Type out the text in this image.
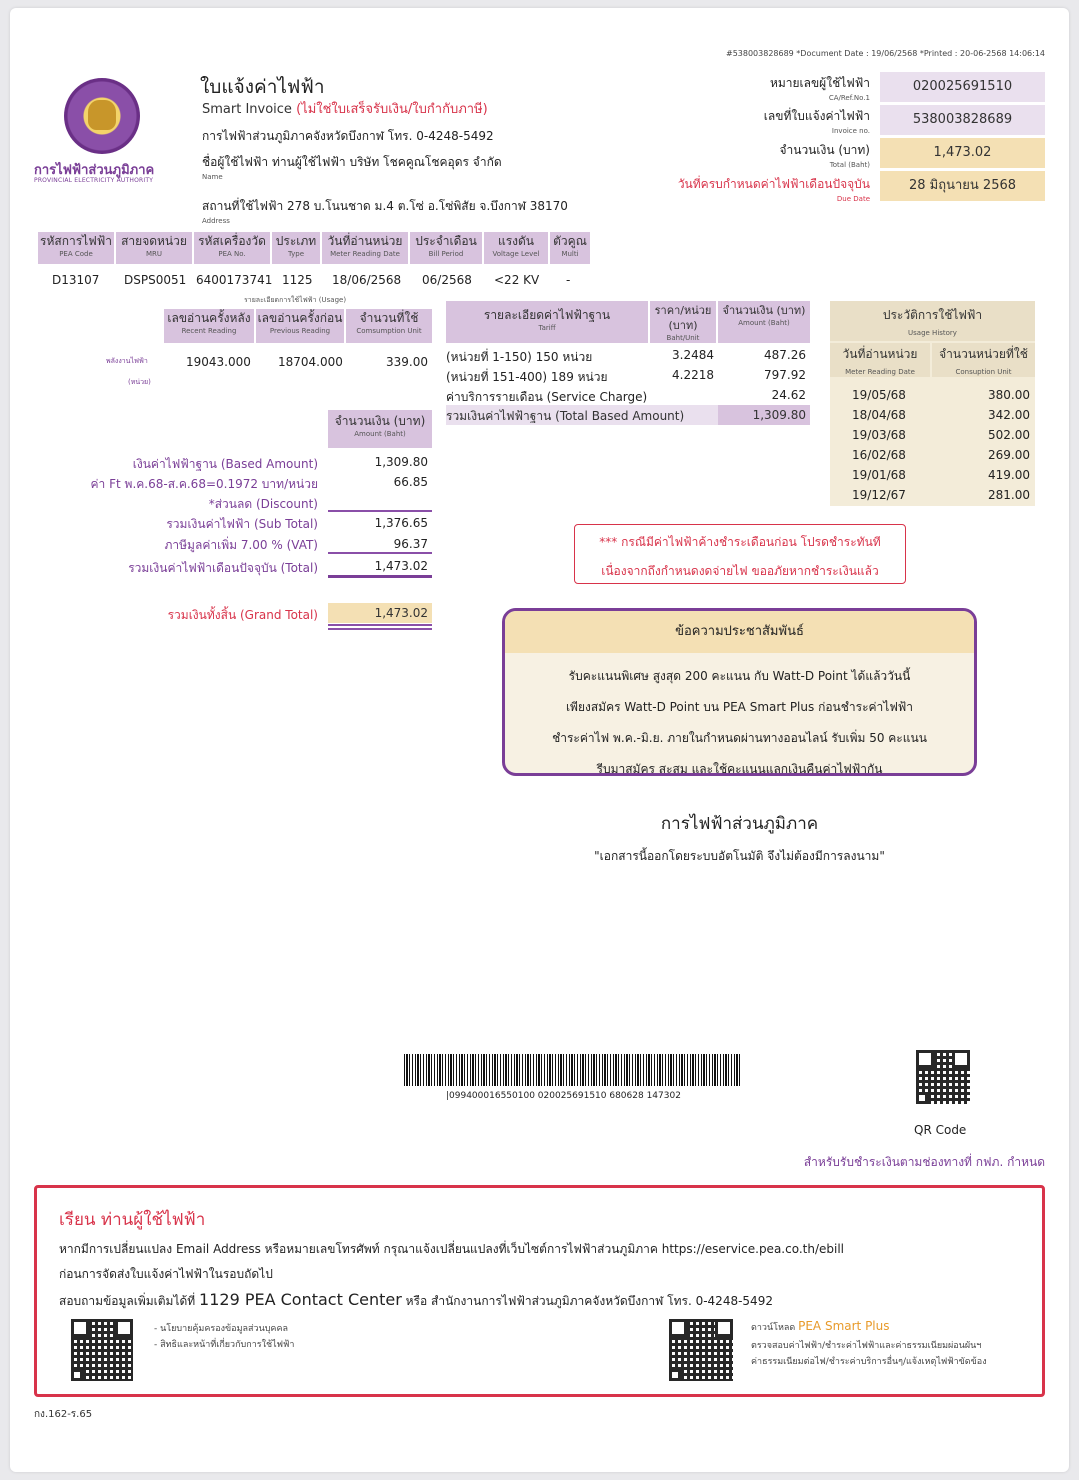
#538003828689 *Document Date : 19/06/2568 *Printed : 20-06-2568 14:06:14
การไฟฟ้าส่วนภูมิภาค
PROVINCIAL ELECTRICITY AUTHORITY
ใบแจ้งค่าไฟฟ้า
Smart Invoice (ไม่ใช่ใบเสร็จรับเงิน/ใบกำกับภาษี)
การไฟฟ้าส่วนภูมิภาคจังหวัดบึงกาฬ โทร. 0-4248-5492
ชื่อผู้ใช้ไฟฟ้า ท่านผู้ใช้ไฟฟ้า บริษัท โชคคูณโชคอุดร จำกัด
Name
สถานที่ใช้ไฟฟ้า 278 บ.โนนชาด ม.4 ต.โซ่ อ.โซ่พิสัย จ.บึงกาฬ 38170
Address
หมายเลขผู้ใช้ไฟฟ้า
CA/Ref.No.1
020025691510
เลขที่ใบแจ้งค่าไฟฟ้า
Invoice no.
538003828689
จำนวนเงิน (บาท)
Total (Baht)
1,473.02
วันที่ครบกำหนดค่าไฟฟ้าเดือนปัจจุบัน
Due Date
28 มิถุนายน 2568
รหัสการไฟฟ้า
PEA Code
สายจดหน่วย
MRU
รหัสเครื่องวัด
PEA No.
ประเภท
Type
วันที่อ่านหน่วย
Meter Reading Date
ประจำเดือน
Bill Period
แรงดัน
Voltage Level
ตัวคูณ
Multi
D13107 DSPS0051 6400173741 1125 18/06/2568 06/2568 <22 KV -
รายละเอียดการใช้ไฟฟ้า (Usage)
เลขอ่านครั้งหลัง
Recent Reading
เลขอ่านครั้งก่อน
Previous Reading
จำนวนที่ใช้
Comsumption Unit
พลังงานไฟฟ้า
(หน่วย)
19043.000 18704.000	339.00
จำนวนเงิน (บาท)
Amount (Baht)
เงินค่าไฟฟ้าฐาน (Based Amount)	1,309.80
ค่า Ft พ.ค.68-ส.ค.68=0.1972 บาท/หน่วย	66.85
*ส่วนลด (Discount)
รวมเงินค่าไฟฟ้า (Sub Total)	1,376.65
ภาษีมูลค่าเพิ่ม 7.00 % (VAT)	96.37
รวมเงินค่าไฟฟ้าเดือนปัจจุบัน (Total)	1,473.02
รวมเงินทั้งสิ้น (Grand Total)	1,473.02
รายละเอียดค่าไฟฟ้าฐาน
Tariff
ราคา/หน่วย (บาท)
Baht/Unit
จำนวนเงิน (บาท)
Amount (Baht)
(หน่วยที่ 1-150) 150 หน่วย	3.2484	487.26
(หน่วยที่ 151-400) 189 หน่วย	4.2218	797.92
ค่าบริการรายเดือน (Service Charge)	24.62
รวมเงินค่าไฟฟ้าฐาน (Total Based Amount)	1,309.80
ประวัติการใช้ไฟฟ้า
Usage History
วันที่อ่านหน่วย
Meter Reading Date
จำนวนหน่วยที่ใช้
Consuption Unit
19/05/68	380.00
18/04/68	342.00
19/03/68	502.00
16/02/68	269.00
19/01/68	419.00
19/12/67	281.00
*** กรณีมีค่าไฟฟ้าค้างชำระเดือนก่อน โปรดชำระทันที
เนื่องจากถึงกำหนดงดจ่ายไฟ ขออภัยหากชำระเงินแล้ว
ข้อความประชาสัมพันธ์
รับคะแนนพิเศษ สูงสุด 200 คะแนน กับ Watt-D Point ได้แล้ววันนี้
เพียงสมัคร Watt-D Point บน PEA Smart Plus ก่อนชำระค่าไฟฟ้า
ชำระค่าไฟ พ.ค.-มิ.ย. ภายในกำหนดผ่านทางออนไลน์ รับเพิ่ม 50 คะแนน
รีบมาสมัคร สะสม และใช้คะแนนแลกเงินคืนค่าไฟฟ้ากัน
การไฟฟ้าส่วนภูมิภาค
"เอกสารนี้ออกโดยระบบอัตโนมัติ จึงไม่ต้องมีการลงนาม"
|099400016550100 020025691510 680628 147302
QR Code
สำหรับรับชำระเงินตามช่องทางที่ กฟภ. กำหนด
เรียน ท่านผู้ใช้ไฟฟ้า
หากมีการเปลี่ยนแปลง Email Address หรือหมายเลขโทรศัพท์ กรุณาแจ้งเปลี่ยนแปลงที่เว็บไซต์การไฟฟ้าส่วนภูมิภาค https://eservice.pea.co.th/ebill
ก่อนการจัดส่งใบแจ้งค่าไฟฟ้าในรอบถัดไป
สอบถามข้อมูลเพิ่มเติมได้ที่ 1129 PEA Contact Center หรือ สำนักงานการไฟฟ้าส่วนภูมิภาคจังหวัดบึงกาฬ โทร. 0-4248-5492
- นโยบายคุ้มครองข้อมูลส่วนบุคคล
- สิทธิและหน้าที่เกี่ยวกับการใช้ไฟฟ้า
ดาวน์โหลด PEA Smart Plus
ตรวจสอบค่าไฟฟ้า/ชำระค่าไฟฟ้าและค่าธรรมเนียมผ่อนผันฯ
ค่าธรรมเนียมต่อไฟ/ชำระค่าบริการอื่นๆ/แจ้งเหตุไฟฟ้าขัดข้อง
กง.162-ร.65
